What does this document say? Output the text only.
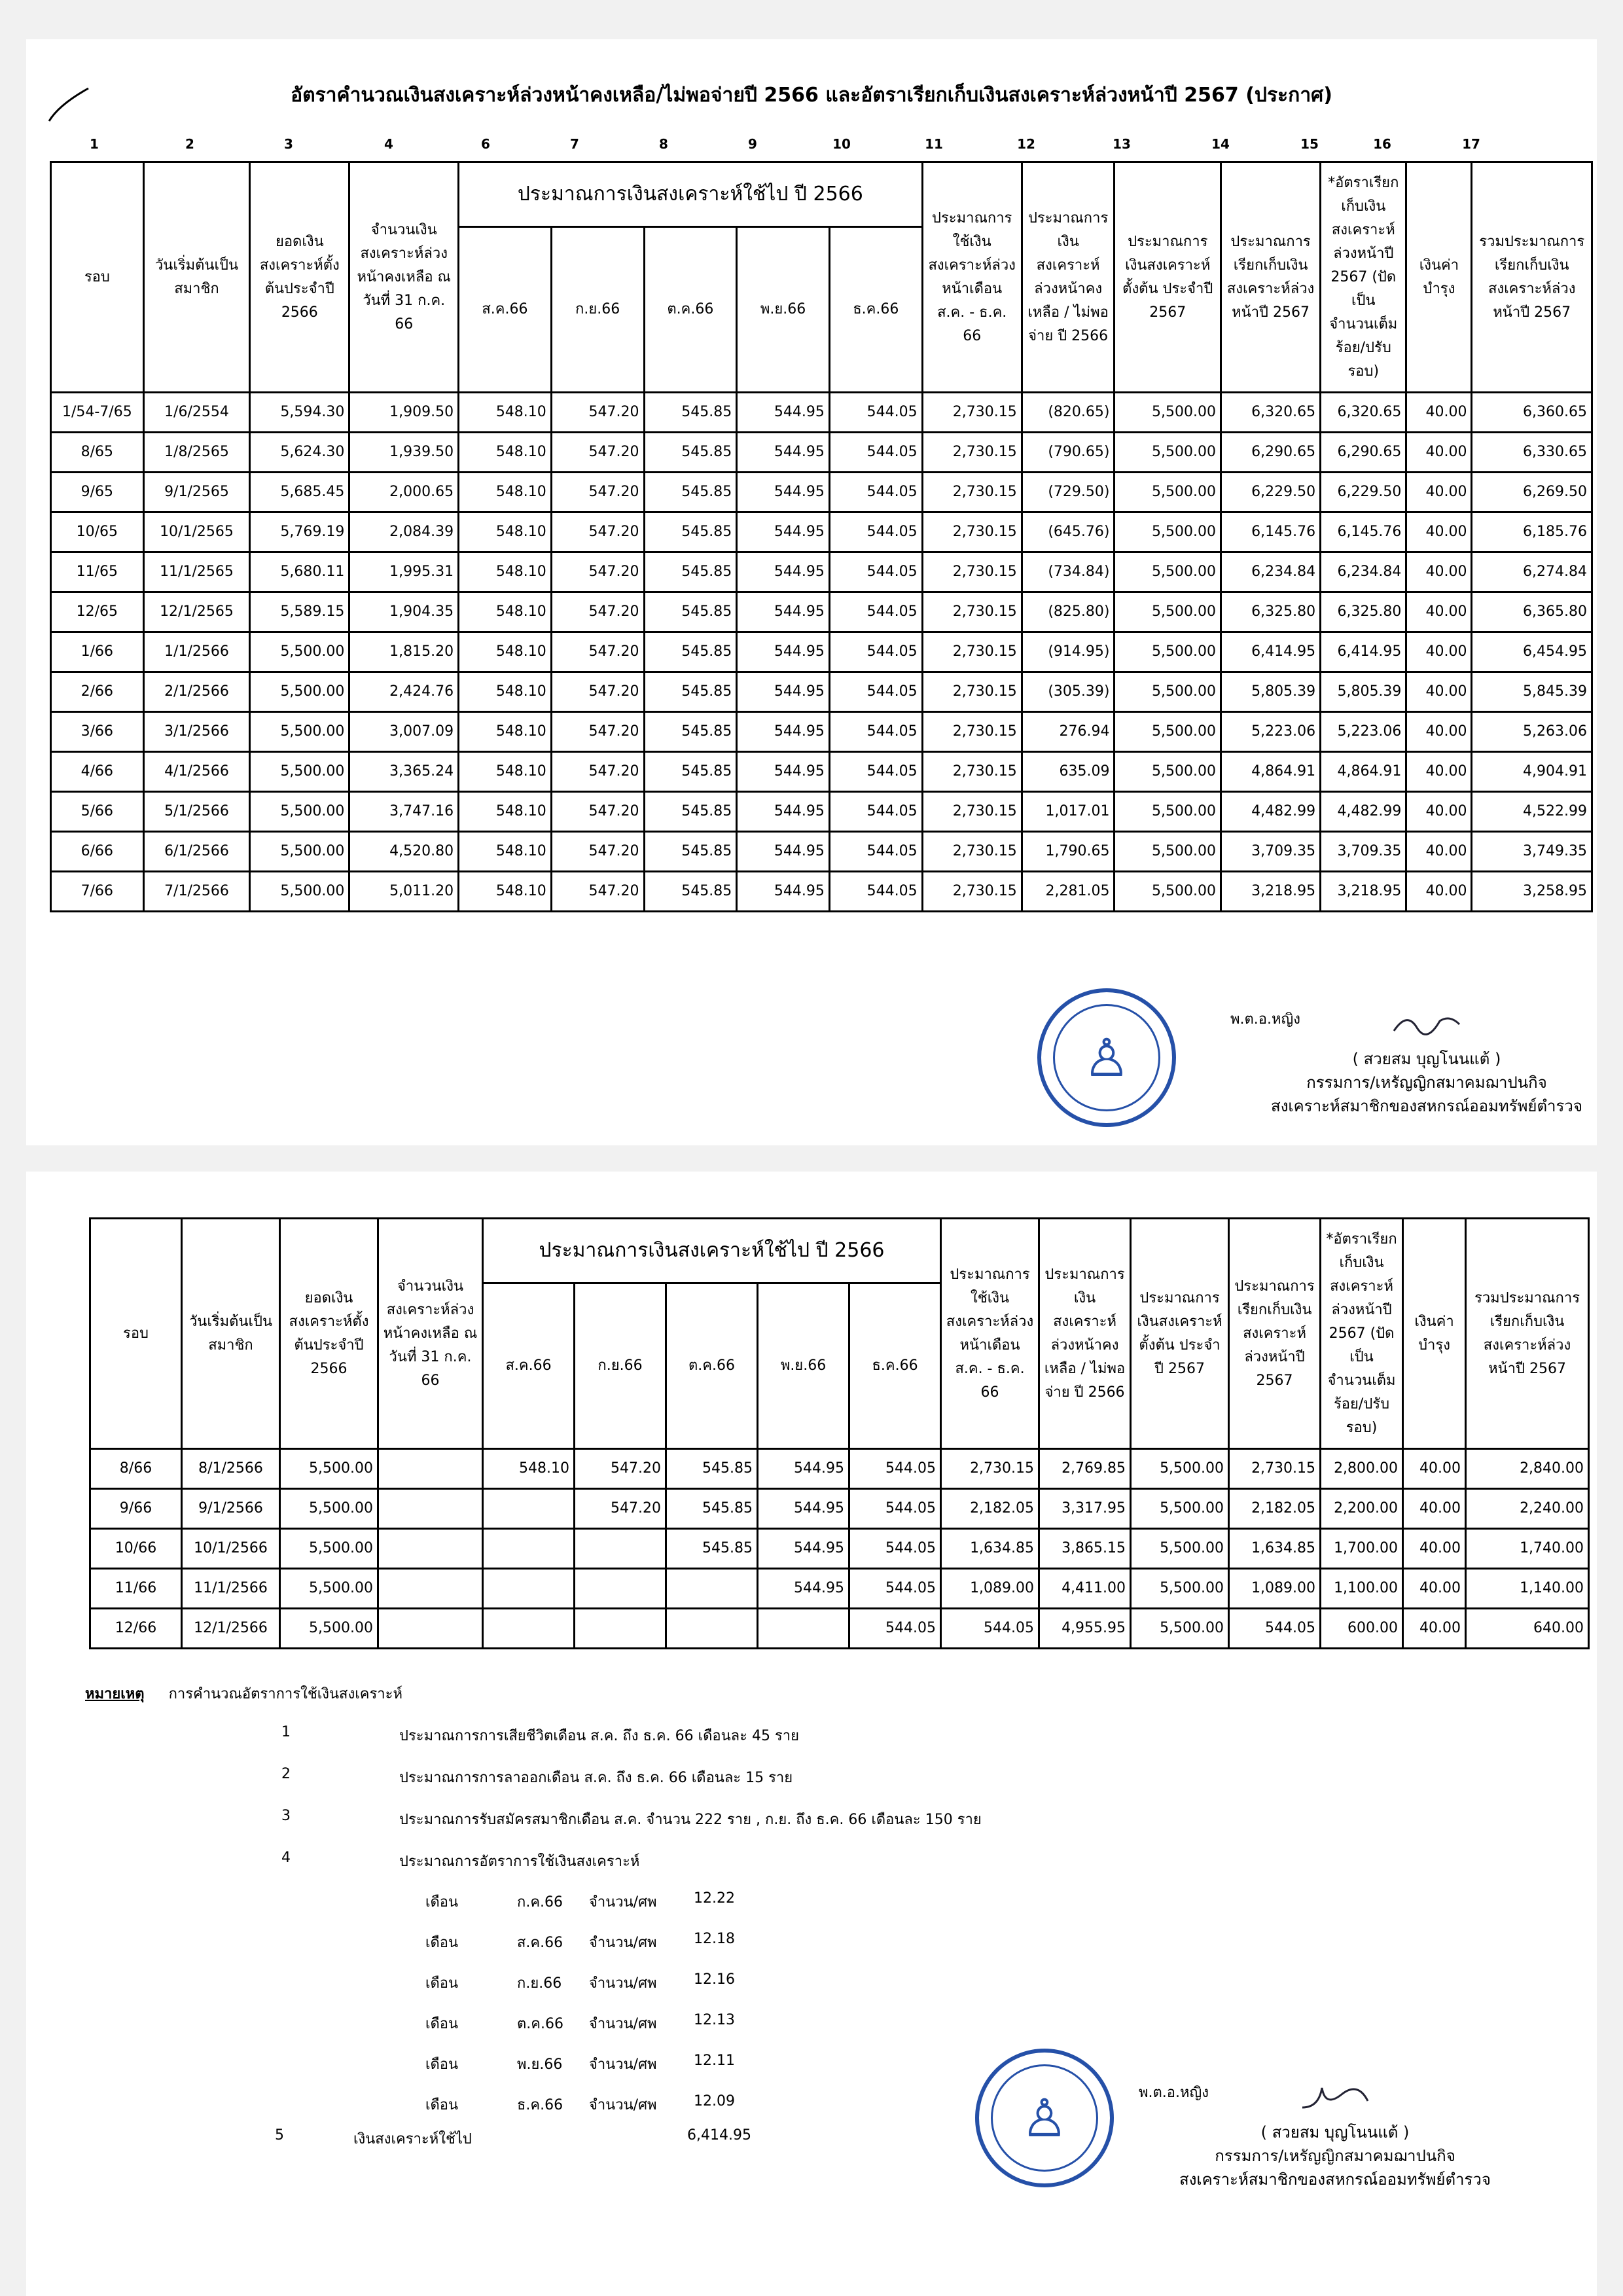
อัตราคำนวณเงินสงเคราะห์ล่วงหน้าคงเหลือ/ไม่พอจ่ายปี 2566 และอัตราเรียกเก็บเงินสงเคราะห์ล่วงหน้าปี 2567 (ประกาศ)
1	2	3	4	6	7	8	9	10	11	12	13	14	15	16	17
รอบ	วันเริ่มต้นเป็นสมาชิก	ยอดเงินสงเคราะห์ตั้งต้นประจำปี 2566	จำนวนเงินสงเคราะห์ล่วงหน้าคงเหลือ ณ วันที่ 31 ก.ค. 66	ประมาณการเงินสงเคราะห์ใช้ไป ปี 2566					ประมาณการใช้เงินสงเคราะห์ล่วงหน้าเดือน ส.ค. - ธ.ค. 66	ประมาณการเงินสงเคราะห์ล่วงหน้าคงเหลือ / ไม่พอจ่าย ปี 2566	ประมาณการเงินสงเคราะห์ตั้งต้น ประจำปี 2567	ประมาณการเรียกเก็บเงินสงเคราะห์ล่วงหน้าปี 2567	*อัตราเรียกเก็บเงินสงเคราะห์ล่วงหน้าปี 2567 (ปัดเป็นจำนวนเต็มร้อย/ปรับรอบ)	เงินค่าบำรุง	รวมประมาณการเรียกเก็บเงินสงเคราะห์ล่วงหน้าปี 2567
				ส.ค.66	ก.ย.66	ต.ค.66	พ.ย.66	ธ.ค.66							
1/54-7/65	1/6/2554	5,594.30	1,909.50	548.10	547.20	545.85	544.95	544.05	2,730.15	(820.65)	5,500.00	6,320.65	6,320.65	40.00	6,360.65
8/65	1/8/2565	5,624.30	1,939.50	548.10	547.20	545.85	544.95	544.05	2,730.15	(790.65)	5,500.00	6,290.65	6,290.65	40.00	6,330.65
9/65	9/1/2565	5,685.45	2,000.65	548.10	547.20	545.85	544.95	544.05	2,730.15	(729.50)	5,500.00	6,229.50	6,229.50	40.00	6,269.50
10/65	10/1/2565	5,769.19	2,084.39	548.10	547.20	545.85	544.95	544.05	2,730.15	(645.76)	5,500.00	6,145.76	6,145.76	40.00	6,185.76
11/65	11/1/2565	5,680.11	1,995.31	548.10	547.20	545.85	544.95	544.05	2,730.15	(734.84)	5,500.00	6,234.84	6,234.84	40.00	6,274.84
12/65	12/1/2565	5,589.15	1,904.35	548.10	547.20	545.85	544.95	544.05	2,730.15	(825.80)	5,500.00	6,325.80	6,325.80	40.00	6,365.80
1/66	1/1/2566	5,500.00	1,815.20	548.10	547.20	545.85	544.95	544.05	2,730.15	(914.95)	5,500.00	6,414.95	6,414.95	40.00	6,454.95
2/66	2/1/2566	5,500.00	2,424.76	548.10	547.20	545.85	544.95	544.05	2,730.15	(305.39)	5,500.00	5,805.39	5,805.39	40.00	5,845.39
3/66	3/1/2566	5,500.00	3,007.09	548.10	547.20	545.85	544.95	544.05	2,730.15	276.94	5,500.00	5,223.06	5,223.06	40.00	5,263.06
4/66	4/1/2566	5,500.00	3,365.24	548.10	547.20	545.85	544.95	544.05	2,730.15	635.09	5,500.00	4,864.91	4,864.91	40.00	4,904.91
5/66	5/1/2566	5,500.00	3,747.16	548.10	547.20	545.85	544.95	544.05	2,730.15	1,017.01	5,500.00	4,482.99	4,482.99	40.00	4,522.99
6/66	6/1/2566	5,500.00	4,520.80	548.10	547.20	545.85	544.95	544.05	2,730.15	1,790.65	5,500.00	3,709.35	3,709.35	40.00	3,749.35
7/66	7/1/2566	5,500.00	5,011.20	548.10	547.20	545.85	544.95	544.05	2,730.15	2,281.05	5,500.00	3,218.95	3,218.95	40.00	3,258.95
♙
พ.ต.อ.หญิง
( สวยสม บุญโนนแต้ )
กรรมการ/เหรัญญิกสมาคมฌาปนกิจ
สงเคราะห์สมาชิกของสหกรณ์ออมทรัพย์ตำรวจ
รอบ	วันเริ่มต้นเป็นสมาชิก	ยอดเงินสงเคราะห์ตั้งต้นประจำปี 2566	จำนวนเงินสงเคราะห์ล่วงหน้าคงเหลือ ณ วันที่ 31 ก.ค. 66	ประมาณการเงินสงเคราะห์ใช้ไป ปี 2566					ประมาณการใช้เงินสงเคราะห์ล่วงหน้าเดือน ส.ค. - ธ.ค. 66	ประมาณการเงินสงเคราะห์ล่วงหน้าคงเหลือ / ไม่พอจ่าย ปี 2566	ประมาณการเงินสงเคราะห์ตั้งต้น ประจำปี 2567	ประมาณการเรียกเก็บเงินสงเคราะห์ล่วงหน้าปี 2567	*อัตราเรียกเก็บเงินสงเคราะห์ล่วงหน้าปี 2567 (ปัดเป็นจำนวนเต็มร้อย/ปรับรอบ)	เงินค่าบำรุง	รวมประมาณการเรียกเก็บเงินสงเคราะห์ล่วงหน้าปี 2567
				ส.ค.66	ก.ย.66	ต.ค.66	พ.ย.66	ธ.ค.66							
8/66	8/1/2566	5,500.00		548.10	547.20	545.85	544.95	544.05	2,730.15	2,769.85	5,500.00	2,730.15	2,800.00	40.00	2,840.00
9/66	9/1/2566	5,500.00			547.20	545.85	544.95	544.05	2,182.05	3,317.95	5,500.00	2,182.05	2,200.00	40.00	2,240.00
10/66	10/1/2566	5,500.00				545.85	544.95	544.05	1,634.85	3,865.15	5,500.00	1,634.85	1,700.00	40.00	1,740.00
11/66	11/1/2566	5,500.00					544.95	544.05	1,089.00	4,411.00	5,500.00	1,089.00	1,100.00	40.00	1,140.00
12/66	12/1/2566	5,500.00						544.05	544.05	4,955.95	5,500.00	544.05	600.00	40.00	640.00
หมายเหตุ การคำนวณอัตราการใช้เงินสงเคราะห์
1	ประมาณการการเสียชีวิตเดือน ส.ค. ถึง ธ.ค. 66 เดือนละ 45 ราย
2	ประมาณการการลาออกเดือน ส.ค. ถึง ธ.ค. 66 เดือนละ 15 ราย
3	ประมาณการรับสมัครสมาชิกเดือน ส.ค. จำนวน 222 ราย , ก.ย. ถึง ธ.ค. 66 เดือนละ 150 ราย
4	ประมาณการอัตราการใช้เงินสงเคราะห์
เดือน	ก.ค.66 จำนวน/ศพ	12.22
เดือน	ส.ค.66 จำนวน/ศพ	12.18
เดือน	ก.ย.66 จำนวน/ศพ	12.16
เดือน	ต.ค.66 จำนวน/ศพ	12.13
เดือน	พ.ย.66 จำนวน/ศพ	12.11
เดือน	ธ.ค.66 จำนวน/ศพ	12.09
5	เงินสงเคราะห์ใช้ไป	6,414.95	♙	พ.ต.อ.หญิง
( สวยสม บุญโนนแต้ )
กรรมการ/เหรัญญิกสมาคมฌาปนกิจ
สงเคราะห์สมาชิกของสหกรณ์ออมทรัพย์ตำรวจ
